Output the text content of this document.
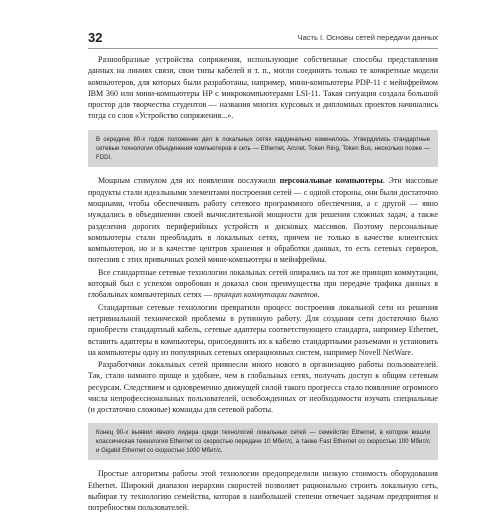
32	Часть I. Основы сетей передачи данных

Разнообразные устройства сопряжения, использующие собственные способы представления данных на линиях связи, свои типы кабелей и т. п., могли соединять только те конкретные модели компьютеров, для которых были разработаны, например, мини-компьютеры PDP-11 с мейнфреймом IBM 360 или мини-компьютеры HP с микрокомпьютерами LSI-11. Такая ситуация создала большой простор для творчества студентов — названия многих курсовых и дипломных проектов начинались тогда со слов «Устройство сопряжения...».

В середине 80-х годов положение дел в локальных сетях кардинально изменилось. Утвердились стандартные сетевые технологии объединения компьютеров в сеть — Ethernet, Arcnet, Token Ring, Token Bus, несколько позже — FDDI.

Мощным стимулом для их появления послужили персональные компьютеры. Эти массовые продукты стали идеальными элементами построения сетей — с одной стороны, они были достаточно мощными, чтобы обеспечивать работу сетевого программного обеспечения, а с другой — явно нуждались в объединении своей вычислительной мощности для решения сложных задач, а также разделения дорогих периферийных устройств и дисковых массивов. Поэтому персональные компьютеры стали преобладать в локальных сетях, причем не только в качестве клиентских компьютеров, но и в качестве центров хранения и обработки данных, то есть сетевых серверов, потеснив с этих привычных ролей мини-компьютеры и мейнфреймы.

Все стандартные сетевые технологии локальных сетей опирались на тот же принцип коммутации, который был с успехом опробован и доказал свои преимущества при передаче трафика данных в глобальных компьютерных сетях — принцип коммутации пакетов.

Стандартные сетевые технологии превратили процесс построения локальной сети из решения нетривиальной технической проблемы в рутинную работу. Для создания сети достаточно было приобрести стандартный кабель, сетевые адаптеры соответствующего стандарта, например Ethernet, вставить адаптеры в компьютеры, присоединить их к кабелю стандартными разъемами и установить на компьютеры одну из популярных сетевых операционных систем, например Novell NetWare.

Разработчики локальных сетей привнесли много нового в организацию работы пользователей. Так, стало намного проще и удобнее, чем в глобальных сетях, получать доступ к общим сетевым ресурсам. Следствием и одновременно движущей силой такого прогресса стало появление огромного числа непрофессиональных пользователей, освобожденных от необходимости изучать специальные (и достаточно сложные) команды для сетевой работы.

Конец 90-х выявил явного лидера среди технологий локальных сетей — семейство Ethernet, в которое вошли классическая технология Ethernet со скоростью передачи 10 Мбит/с, а также Fast Ethernet со скоростью 100 Мбит/с и Gigabit Ethernet со скоростью 1000 Мбит/с.

Простые алгоритмы работы этой технологии предопределили низкую стоимость оборудования Ethernet. Широкий диапазон иерархии скоростей позволяет рационально строить локальную сеть, выбирая ту технологию семейства, которая в наибольшей степени отвечает задачам предприятия и потребностям пользователей.
